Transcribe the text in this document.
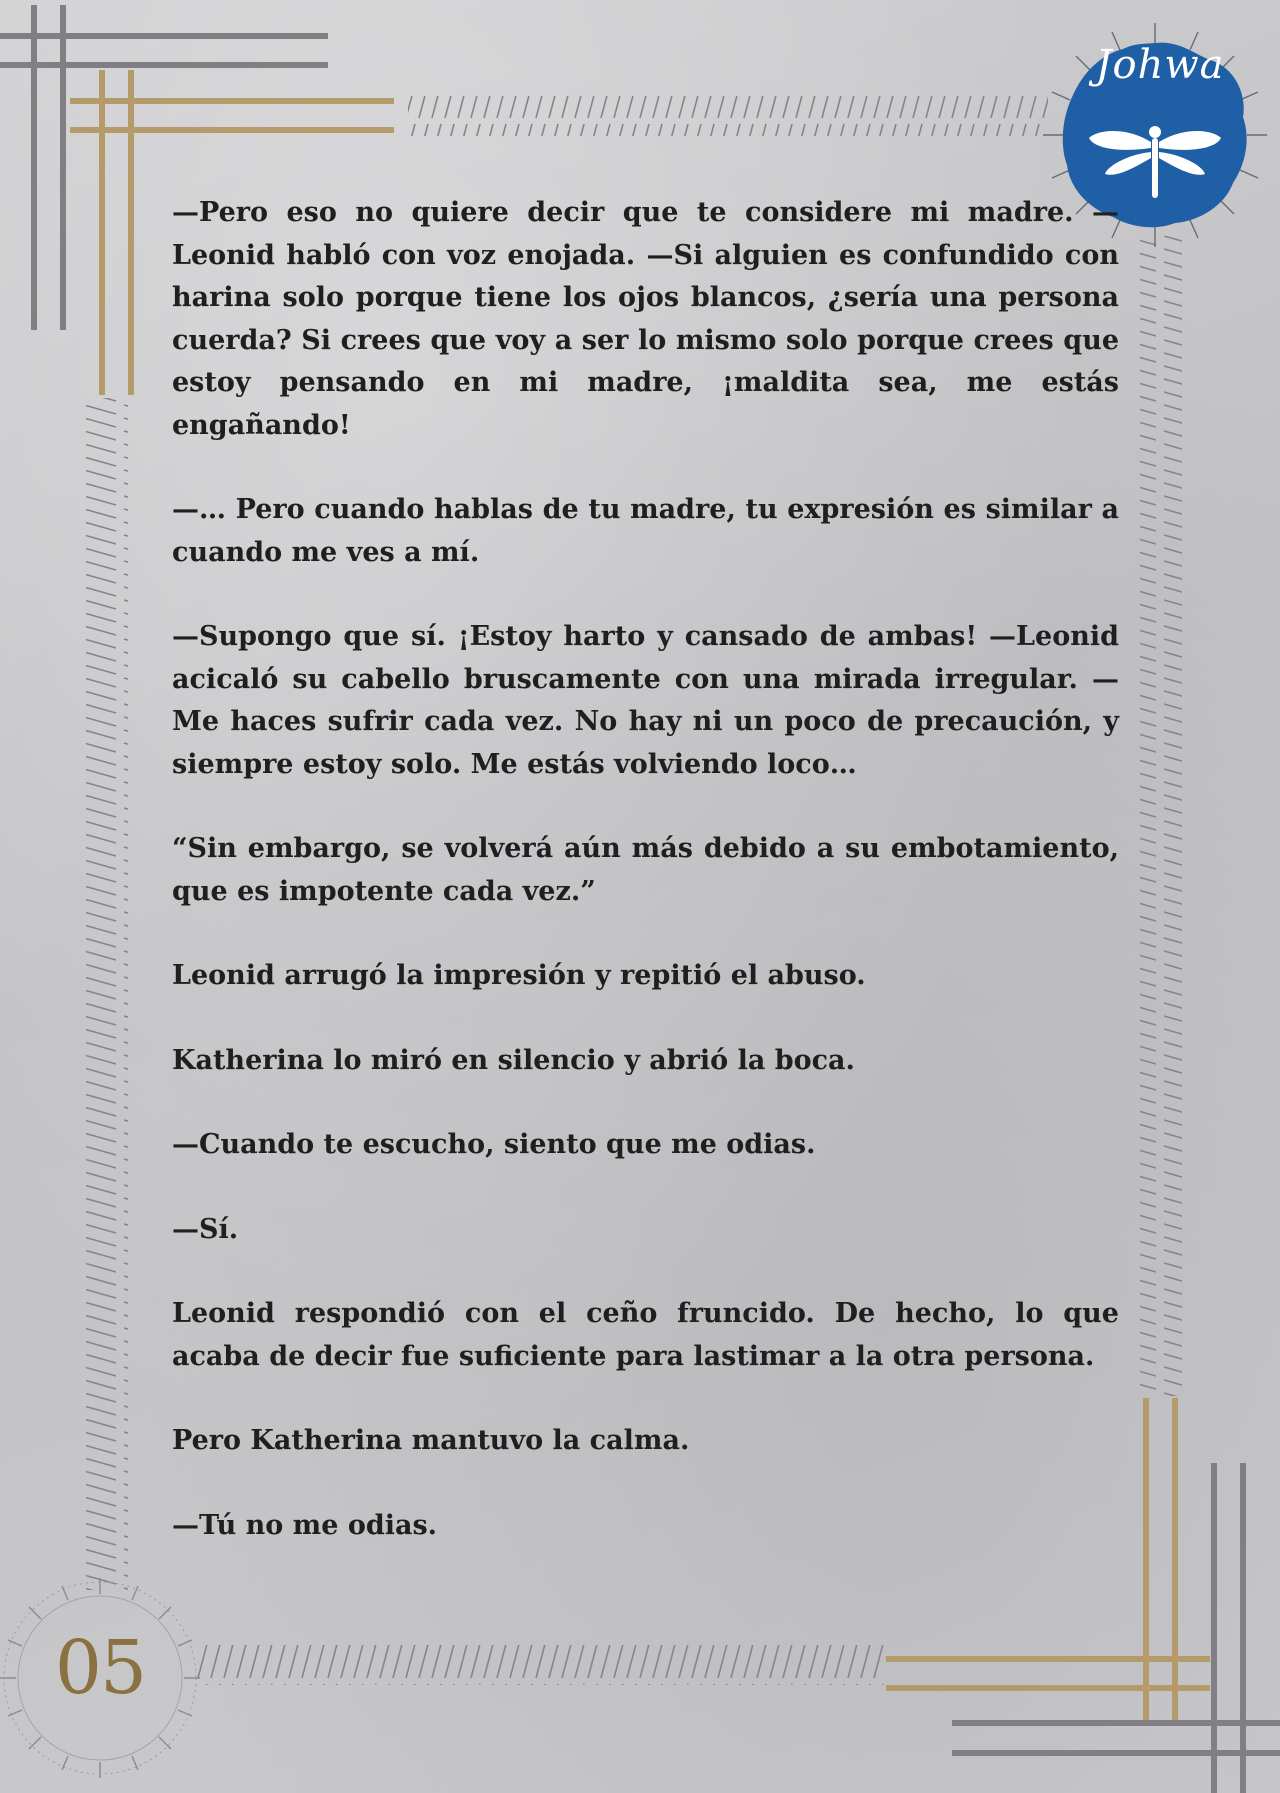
Johwa

—Pero eso no quiere decir que te considere mi madre. —Leonid habló con voz enojada. —Si alguien es confundido con harina solo porque tiene los ojos blancos, ¿sería una persona cuerda? Si crees que voy a ser lo mismo solo porque crees que estoy pensando en mi madre, ¡maldita sea, me estás engañando!

—… Pero cuando hablas de tu madre, tu expresión es similar a cuando me ves a mí.

—Supongo que sí. ¡Estoy harto y cansado de ambas! —Leonid acicaló su cabello bruscamente con una mirada irregular. —Me haces sufrir cada vez. No hay ni un poco de precaución, y siempre estoy solo. Me estás volviendo loco…

“Sin embargo, se volverá aún más debido a su embotamiento, que es impotente cada vez.”

Leonid arrugó la impresión y repitió el abuso.

Katherina lo miró en silencio y abrió la boca.

—Cuando te escucho, siento que me odias.

—Sí.

Leonid respondió con el ceño fruncido. De hecho, lo que acaba de decir fue suficiente para lastimar a la otra persona.

Pero Katherina mantuvo la calma.

—Tú no me odias.

05
